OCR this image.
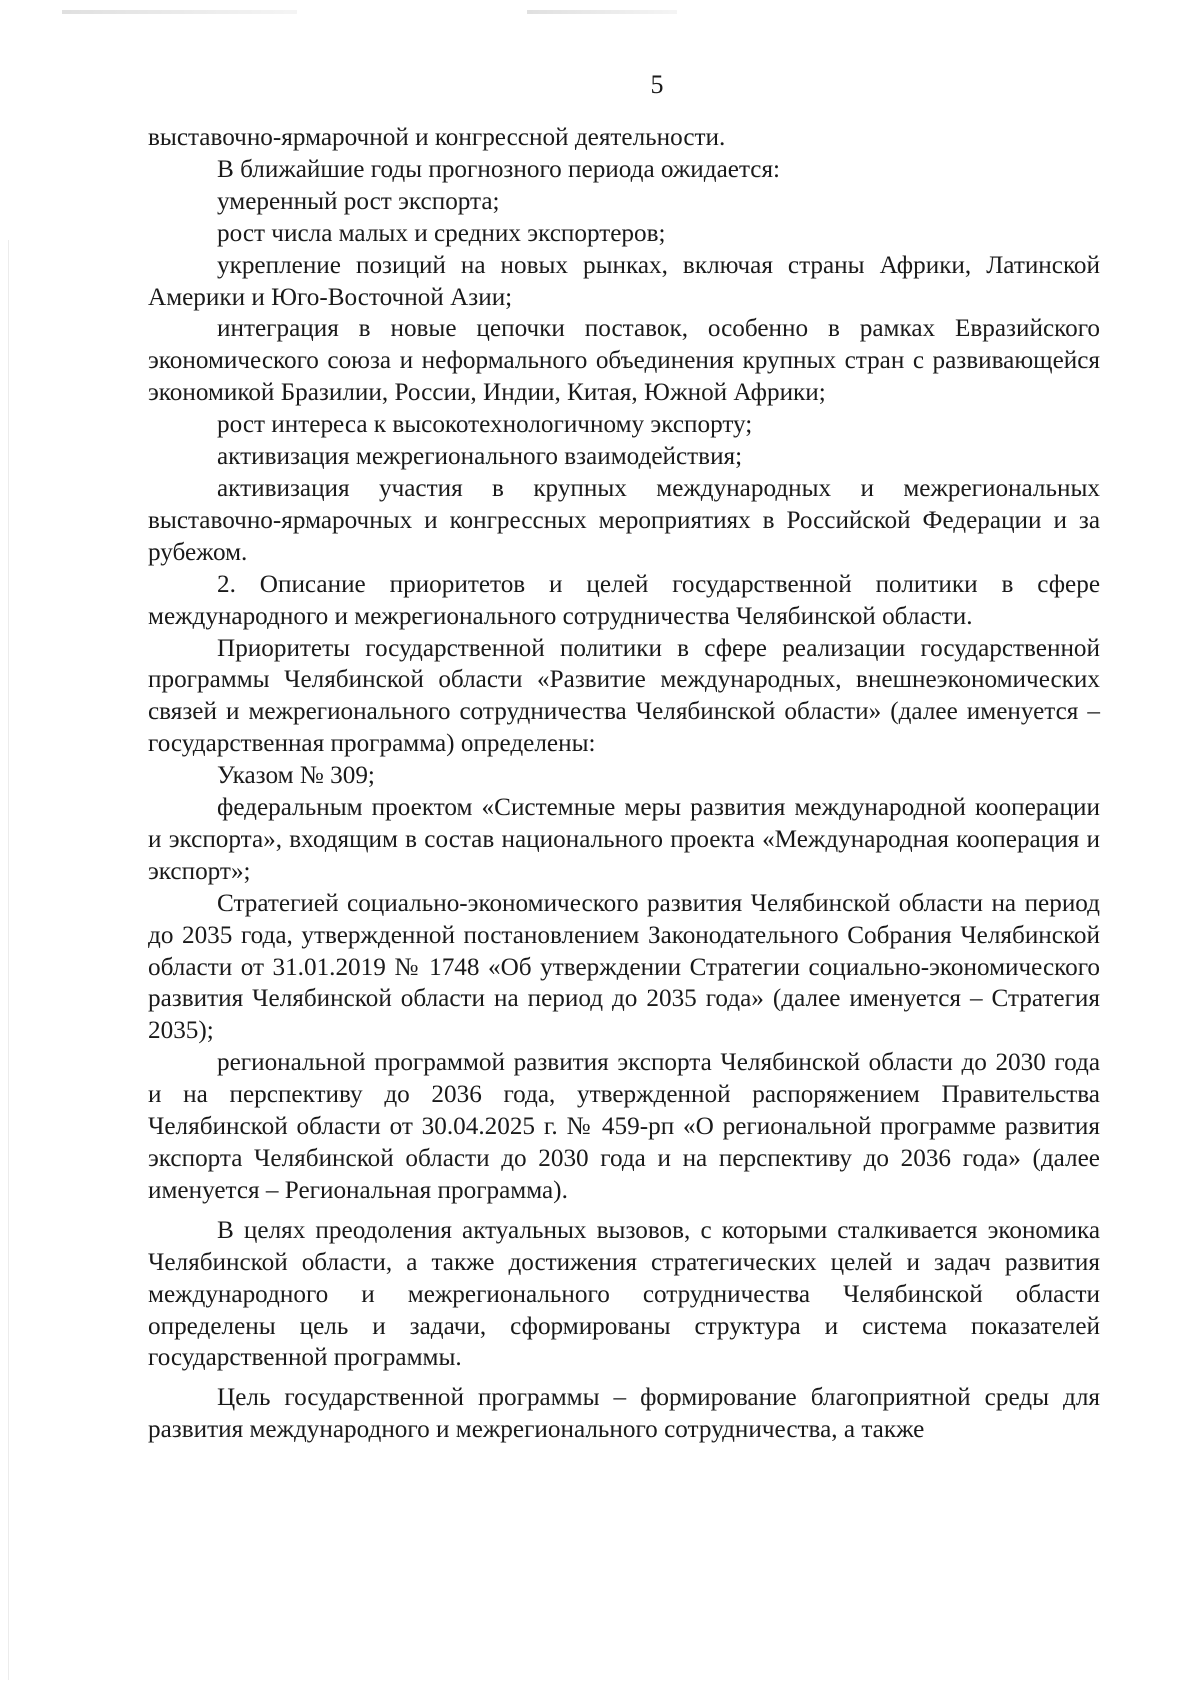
5

выставочно-ярмарочной и конгрессной деятельности.

В ближайшие годы прогнозного периода ожидается:

умеренный рост экспорта;

рост числа малых и средних экспортеров;

укрепление позиций на новых рынках, включая страны Африки, Латинской Америки и Юго-Восточной Азии;

интеграция в новые цепочки поставок, особенно в рамках Евразийского экономического союза и неформального объединения крупных стран с развивающейся экономикой Бразилии, России, Индии, Китая, Южной Африки;

рост интереса к высокотехнологичному экспорту;

активизация межрегионального взаимодействия;

активизация участия в крупных международных и межрегиональных выставочно-ярмарочных и конгрессных мероприятиях в Российской Федерации и за рубежом.

2. Описание приоритетов и целей государственной политики в сфере международного и межрегионального сотрудничества Челябинской области.

Приоритеты государственной политики в сфере реализации государственной программы Челябинской области «Развитие международных, внешнеэкономических связей и межрегионального сотрудничества Челябинской области» (далее именуется – государственная программа) определены:

Указом № 309;

федеральным проектом «Системные меры развития международной кооперации и экспорта», входящим в состав национального проекта «Международная кооперация и экспорт»;

Стратегией социально-экономического развития Челябинской области на период до 2035 года, утвержденной постановлением Законодательного Собрания Челябинской области от 31.01.2019 № 1748 «Об утверждении Стратегии социально-экономического развития Челябинской области на период до 2035 года» (далее именуется – Стратегия 2035);

региональной программой развития экспорта Челябинской области до 2030 года и на перспективу до 2036 года, утвержденной распоряжением Правительства Челябинской области от 30.04.2025 г. № 459-рп «О региональной программе развития экспорта Челябинской области до 2030 года и на перспективу до 2036 года» (далее именуется – Региональная программа).

В целях преодоления актуальных вызовов, с которыми сталкивается экономика Челябинской области, а также достижения стратегических целей и задач развития международного и межрегионального сотрудничества Челябинской области определены цель и задачи, сформированы структура и система показателей государственной программы.

Цель государственной программы – формирование благоприятной среды для развития международного и межрегионального сотрудничества, а также
